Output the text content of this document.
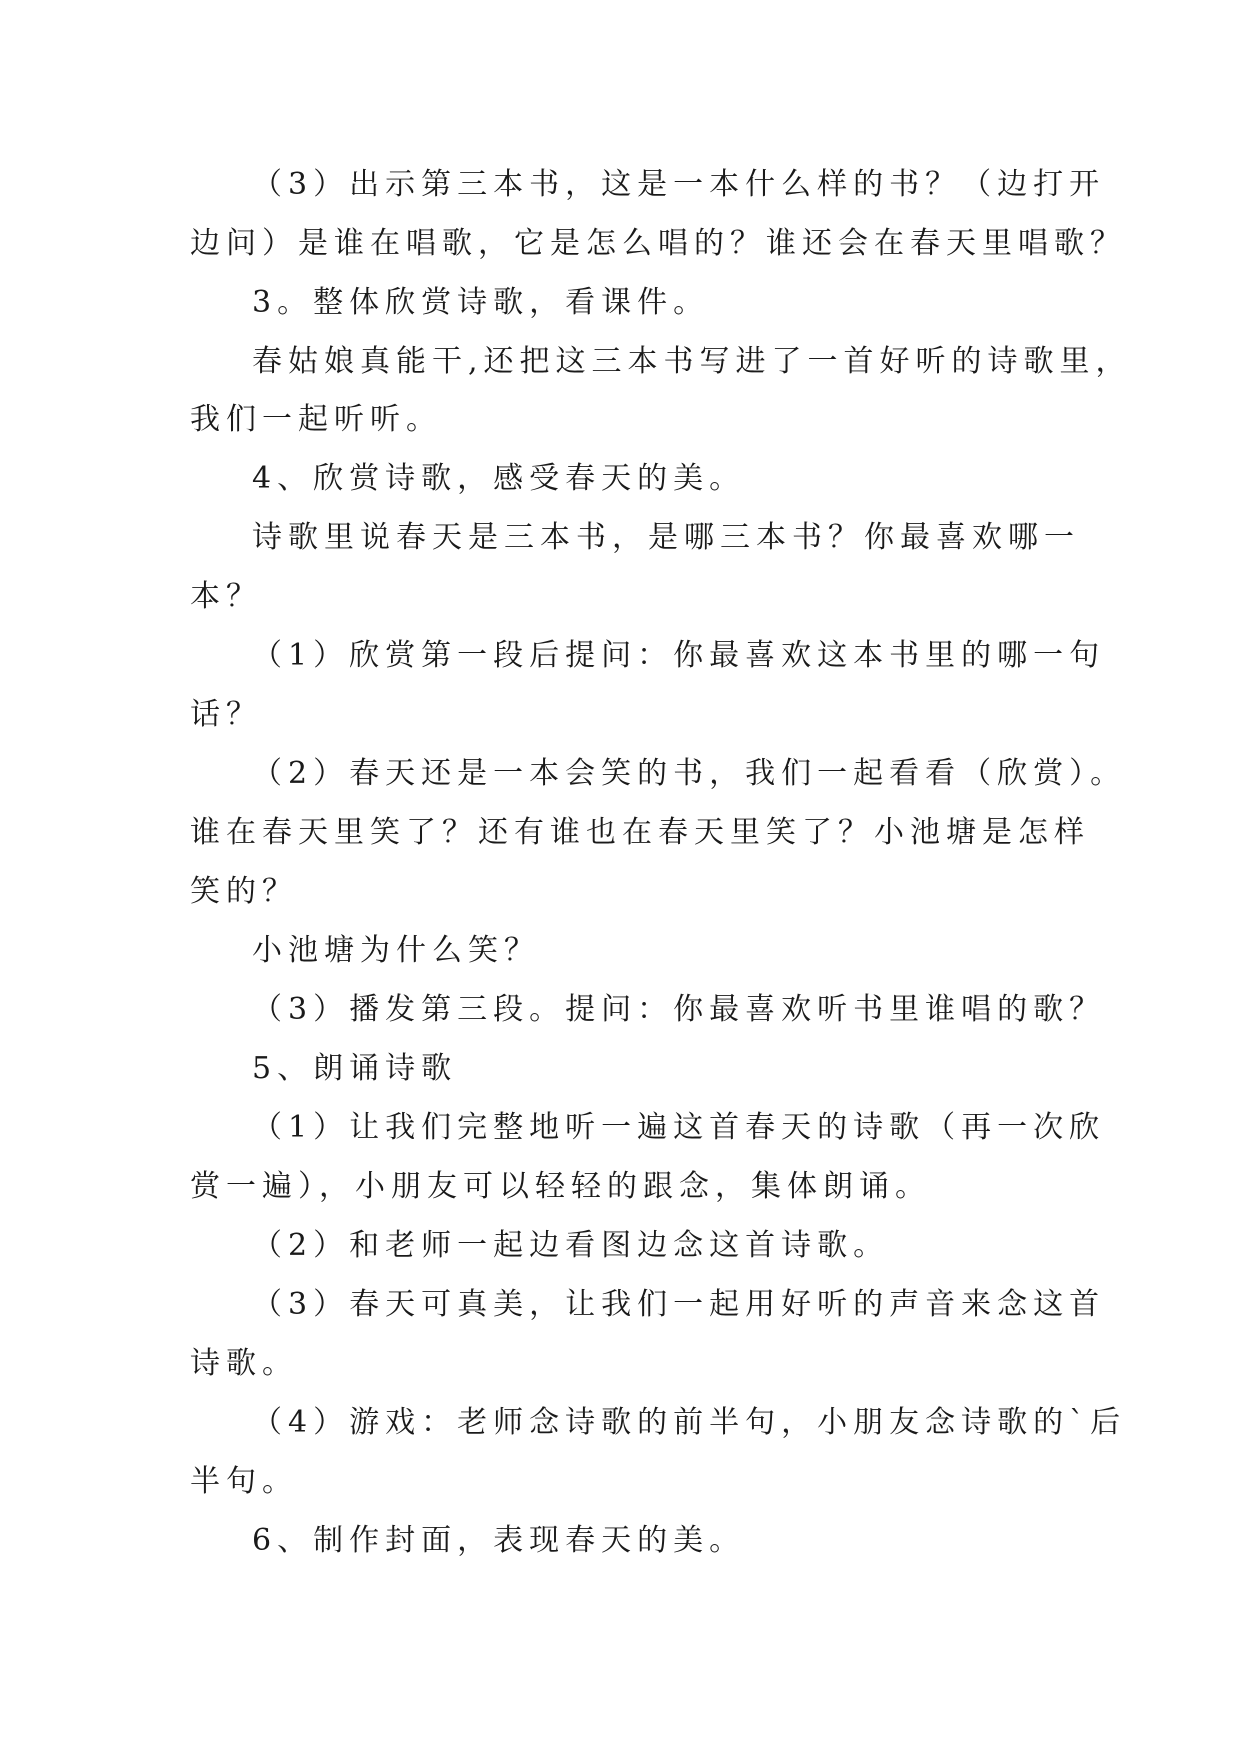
（3）出示第三本书，这是一本什么样的书？（边打开
边问）是谁在唱歌，它是怎么唱的？谁还会在春天里唱歌？
3。整体欣赏诗歌，看课件。
春姑娘真能干,还把这三本书写进了一首好听的诗歌里，
我们一起听听。
4、欣赏诗歌，感受春天的美。
诗歌里说春天是三本书，是哪三本书？你最喜欢哪一
本？
（1）欣赏第一段后提问：你最喜欢这本书里的哪一句
话？
（2）春天还是一本会笑的书，我们一起看看（欣赏）。
谁在春天里笑了？还有谁也在春天里笑了？小池塘是怎样
笑的？
小池塘为什么笑？
（3）播发第三段。提问：你最喜欢听书里谁唱的歌？
5、朗诵诗歌
（1）让我们完整地听一遍这首春天的诗歌（再一次欣
赏一遍），小朋友可以轻轻的跟念，集体朗诵。
（2）和老师一起边看图边念这首诗歌。
（3）春天可真美，让我们一起用好听的声音来念这首
诗歌。
（4）游戏：老师念诗歌的前半句，小朋友念诗歌的`后
半句。
6、制作封面，表现春天的美。
